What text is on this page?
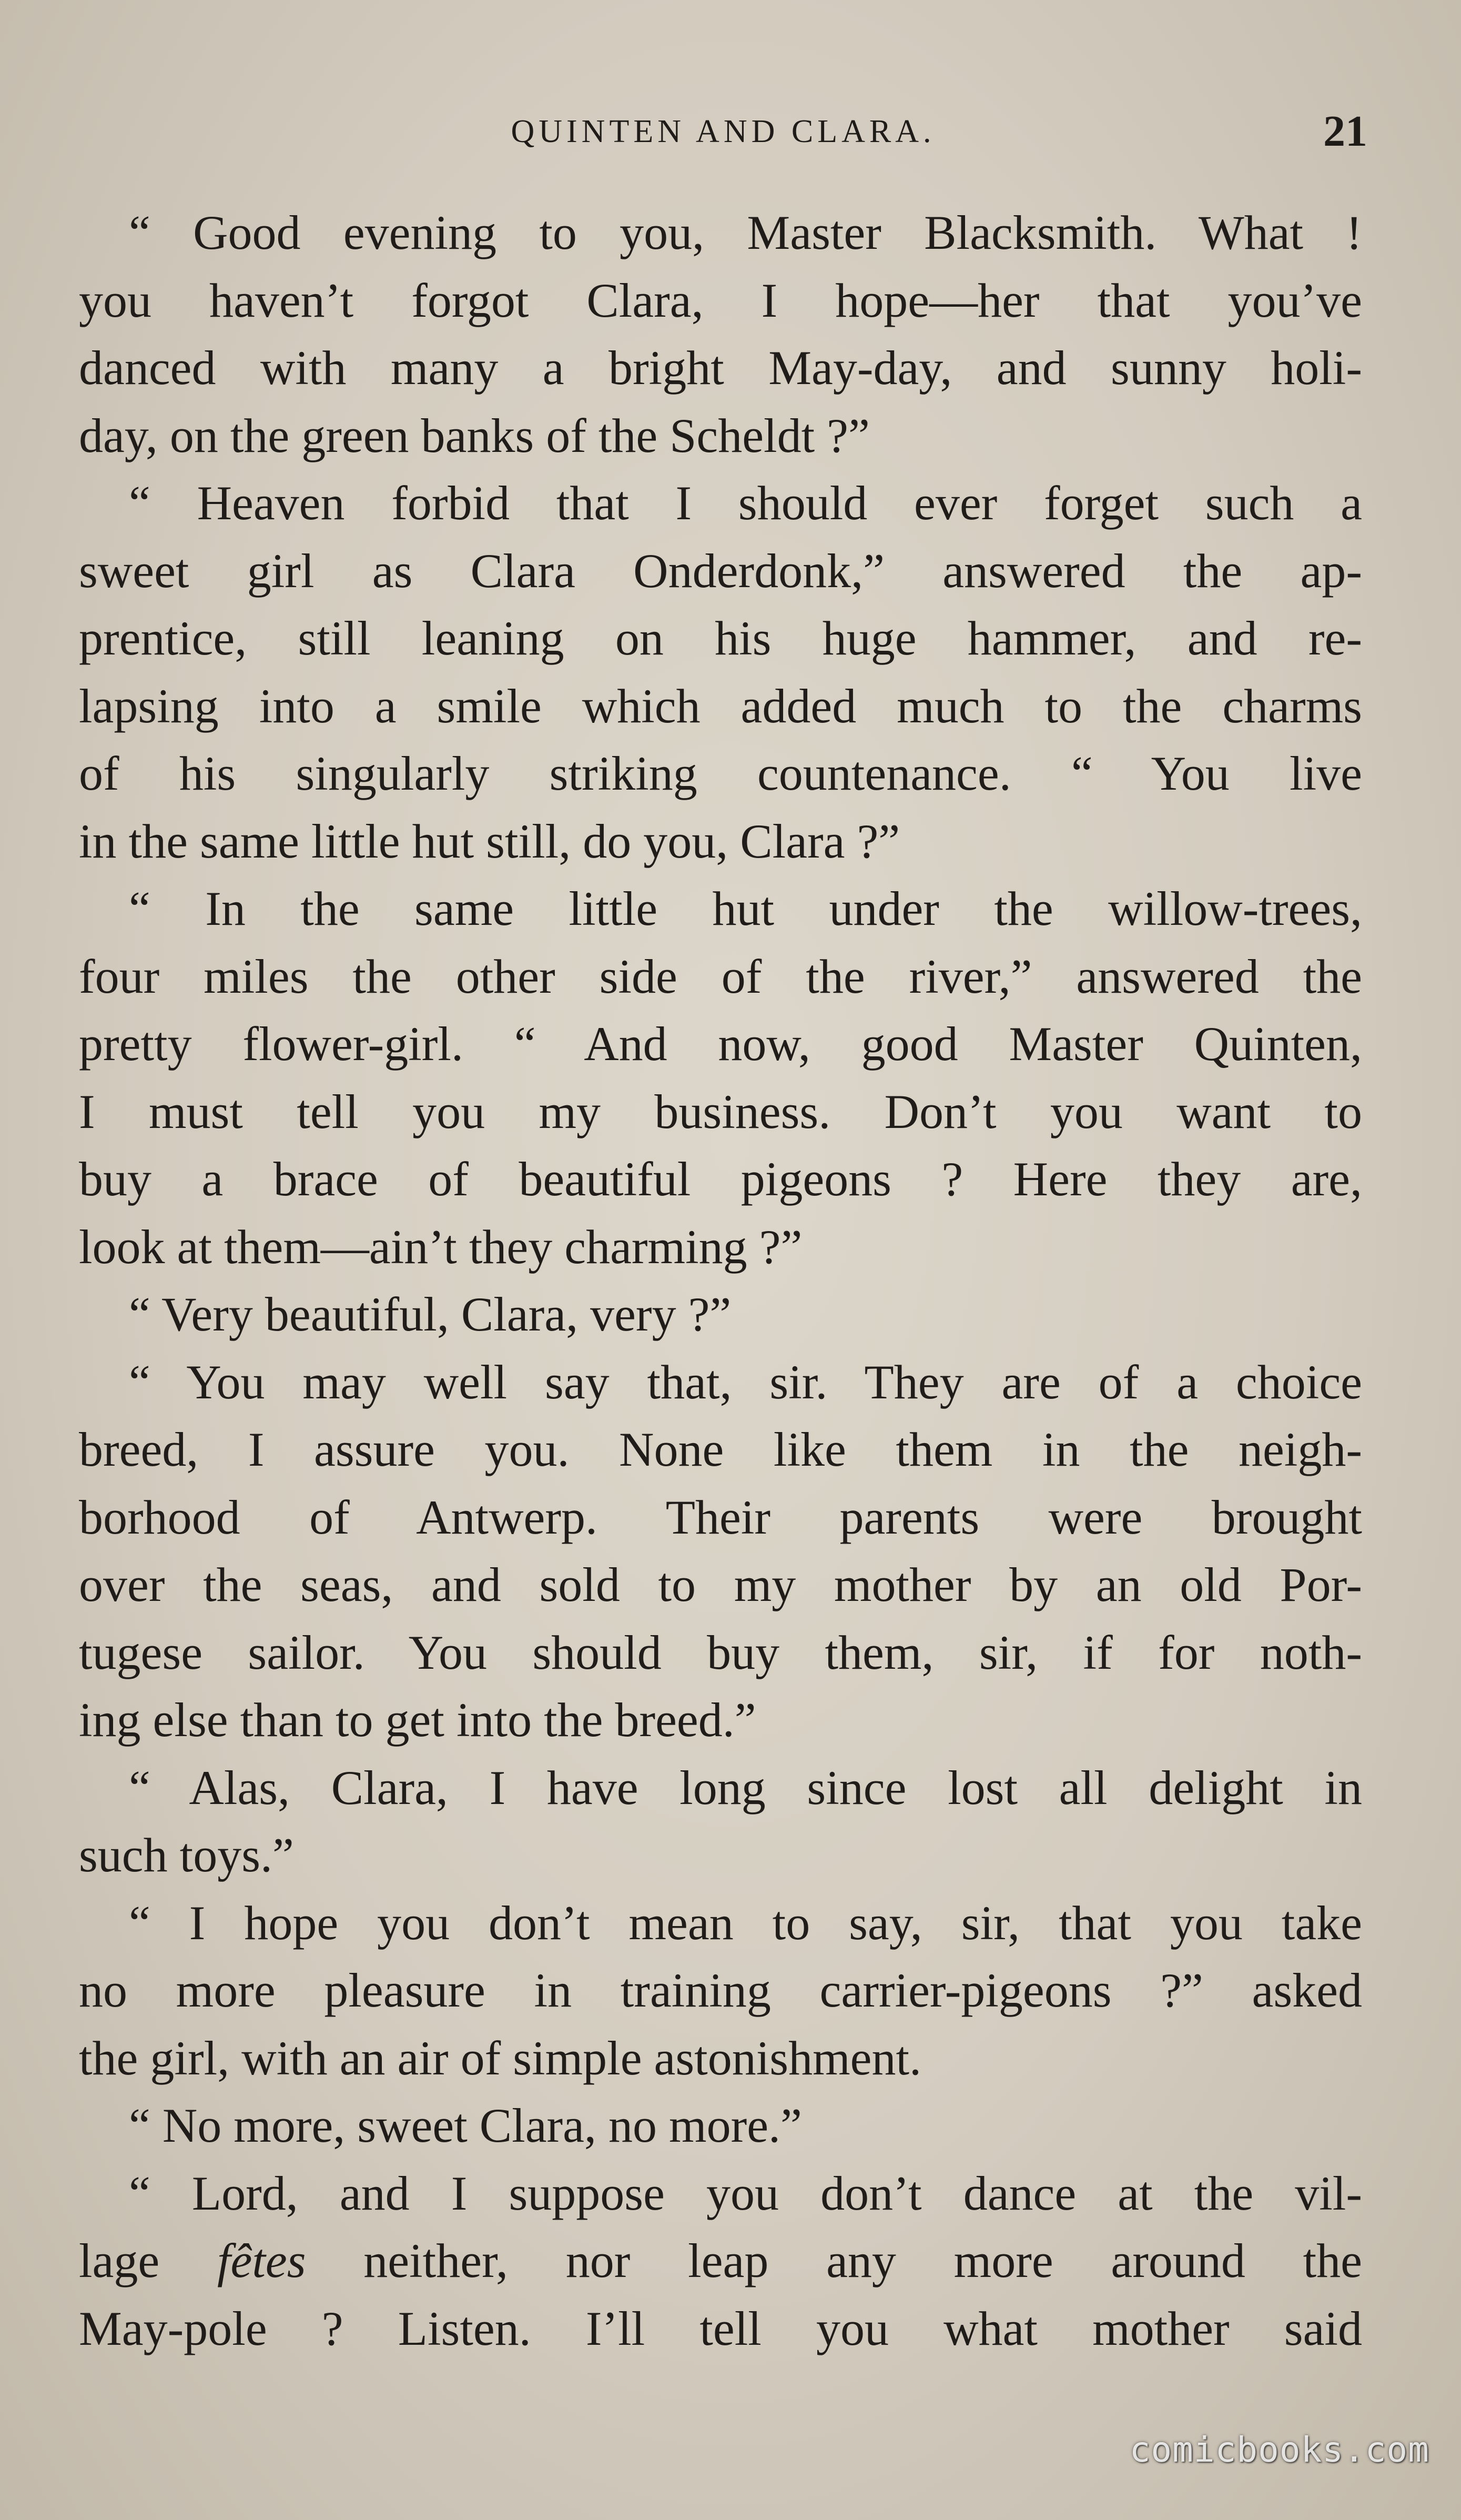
QUINTEN AND CLARA.	21

“ Good evening to you, Master Blacksmith. What !
you haven’t forgot Clara, I hope—her that you’ve
danced with many a bright May-day, and sunny holi-
day, on the green banks of the Scheldt ?”

“ Heaven forbid that I should ever forget such a
sweet girl as Clara Onderdonk,” answered the ap-
prentice, still leaning on his huge hammer, and re-
lapsing into a smile which added much to the charms
of his singularly striking countenance. “ You live
in the same little hut still, do you, Clara ?”

“ In the same little hut under the willow-trees,
four miles the other side of the river,” answered the
pretty flower-girl. “ And now, good Master Quinten,
I must tell you my business. Don’t you want to
buy a brace of beautiful pigeons ? Here they are,
look at them—ain’t they charming ?”

“ Very beautiful, Clara, very ?”

“ You may well say that, sir. They are of a choice
breed, I assure you. None like them in the neigh-
borhood of Antwerp. Their parents were brought
over the seas, and sold to my mother by an old Por-
tugese sailor. You should buy them, sir, if for noth-
ing else than to get into the breed.”

“ Alas, Clara, I have long since lost all delight in
such toys.”

“ I hope you don’t mean to say, sir, that you take
no more pleasure in training carrier-pigeons ?” asked
the girl, with an air of simple astonishment.

“ No more, sweet Clara, no more.”

“ Lord, and I suppose you don’t dance at the vil-
lage fêtes neither, nor leap any more around the
May-pole ? Listen. I’ll tell you what mother said

comicbooks.com
